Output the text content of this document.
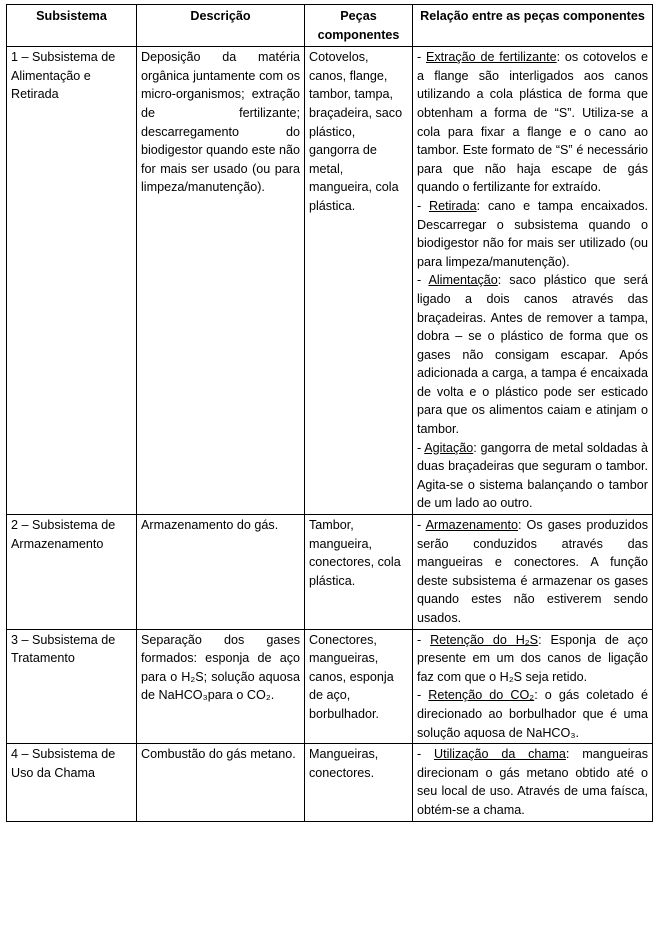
Subsistema	Descrição	Peças componentes	Relação entre as peças componentes
1 – Subsistema de Alimentação e Retirada	Deposição da matéria orgânica juntamente com os micro-organismos; extração de fertilizante; descarregamento do biodigestor quando este não for mais ser usado (ou para limpeza/manutenção).	Cotovelos, canos, flange, tambor, tampa, braçadeira, saco plástico, gangorra de metal, mangueira, cola plástica.	- Extração de fertilizante: os cotovelos e a flange são interligados aos canos utilizando a cola plástica de forma que obtenham a forma de “S”. Utiliza-se a cola para fixar a flange e o cano ao tambor. Este formato de “S” é necessário para que não haja escape de gás quando o fertilizante for extraído.
- Retirada: cano e tampa encaixados. Descarregar o subsistema quando o biodigestor não for mais ser utilizado (ou para limpeza/manutenção).
- Alimentação: saco plástico que será ligado a dois canos através das braçadeiras. Antes de remover a tampa, dobra – se o plástico de forma que os gases não consigam escapar. Após adicionada a carga, a tampa é encaixada de volta e o plástico pode ser esticado para que os alimentos caiam e atinjam o tambor.
- Agitação: gangorra de metal soldadas à duas braçadeiras que seguram o tambor. Agita-se o sistema balançando o tambor de um lado ao outro.

2 – Subsistema de Armazenamento	Armazenamento do gás.	Tambor, mangueira, conectores, cola plástica.	- Armazenamento: Os gases produzidos serão conduzidos através das mangueiras e conectores. A função deste subsistema é armazenar os gases quando estes não estiverem sendo usados.

3 – Subsistema de Tratamento	Separação dos gases formados: esponja de aço para o H₂S; solução aquosa de NaHCO₃para o CO₂.	Conectores, mangueiras, canos, esponja de aço, borbulhador.	- Retenção do H₂S: Esponja de aço presente em um dos canos de ligação faz com que o H₂S seja retido.
- Retenção do CO₂: o gás coletado é direcionado ao borbulhador que é uma solução aquosa de NaHCO₃.

4 – Subsistema de Uso da Chama	Combustão do gás metano.	Mangueiras, conectores.	- Utilização da chama: mangueiras direcionam o gás metano obtido até o seu local de uso. Através de uma faísca, obtém-se a chama.
